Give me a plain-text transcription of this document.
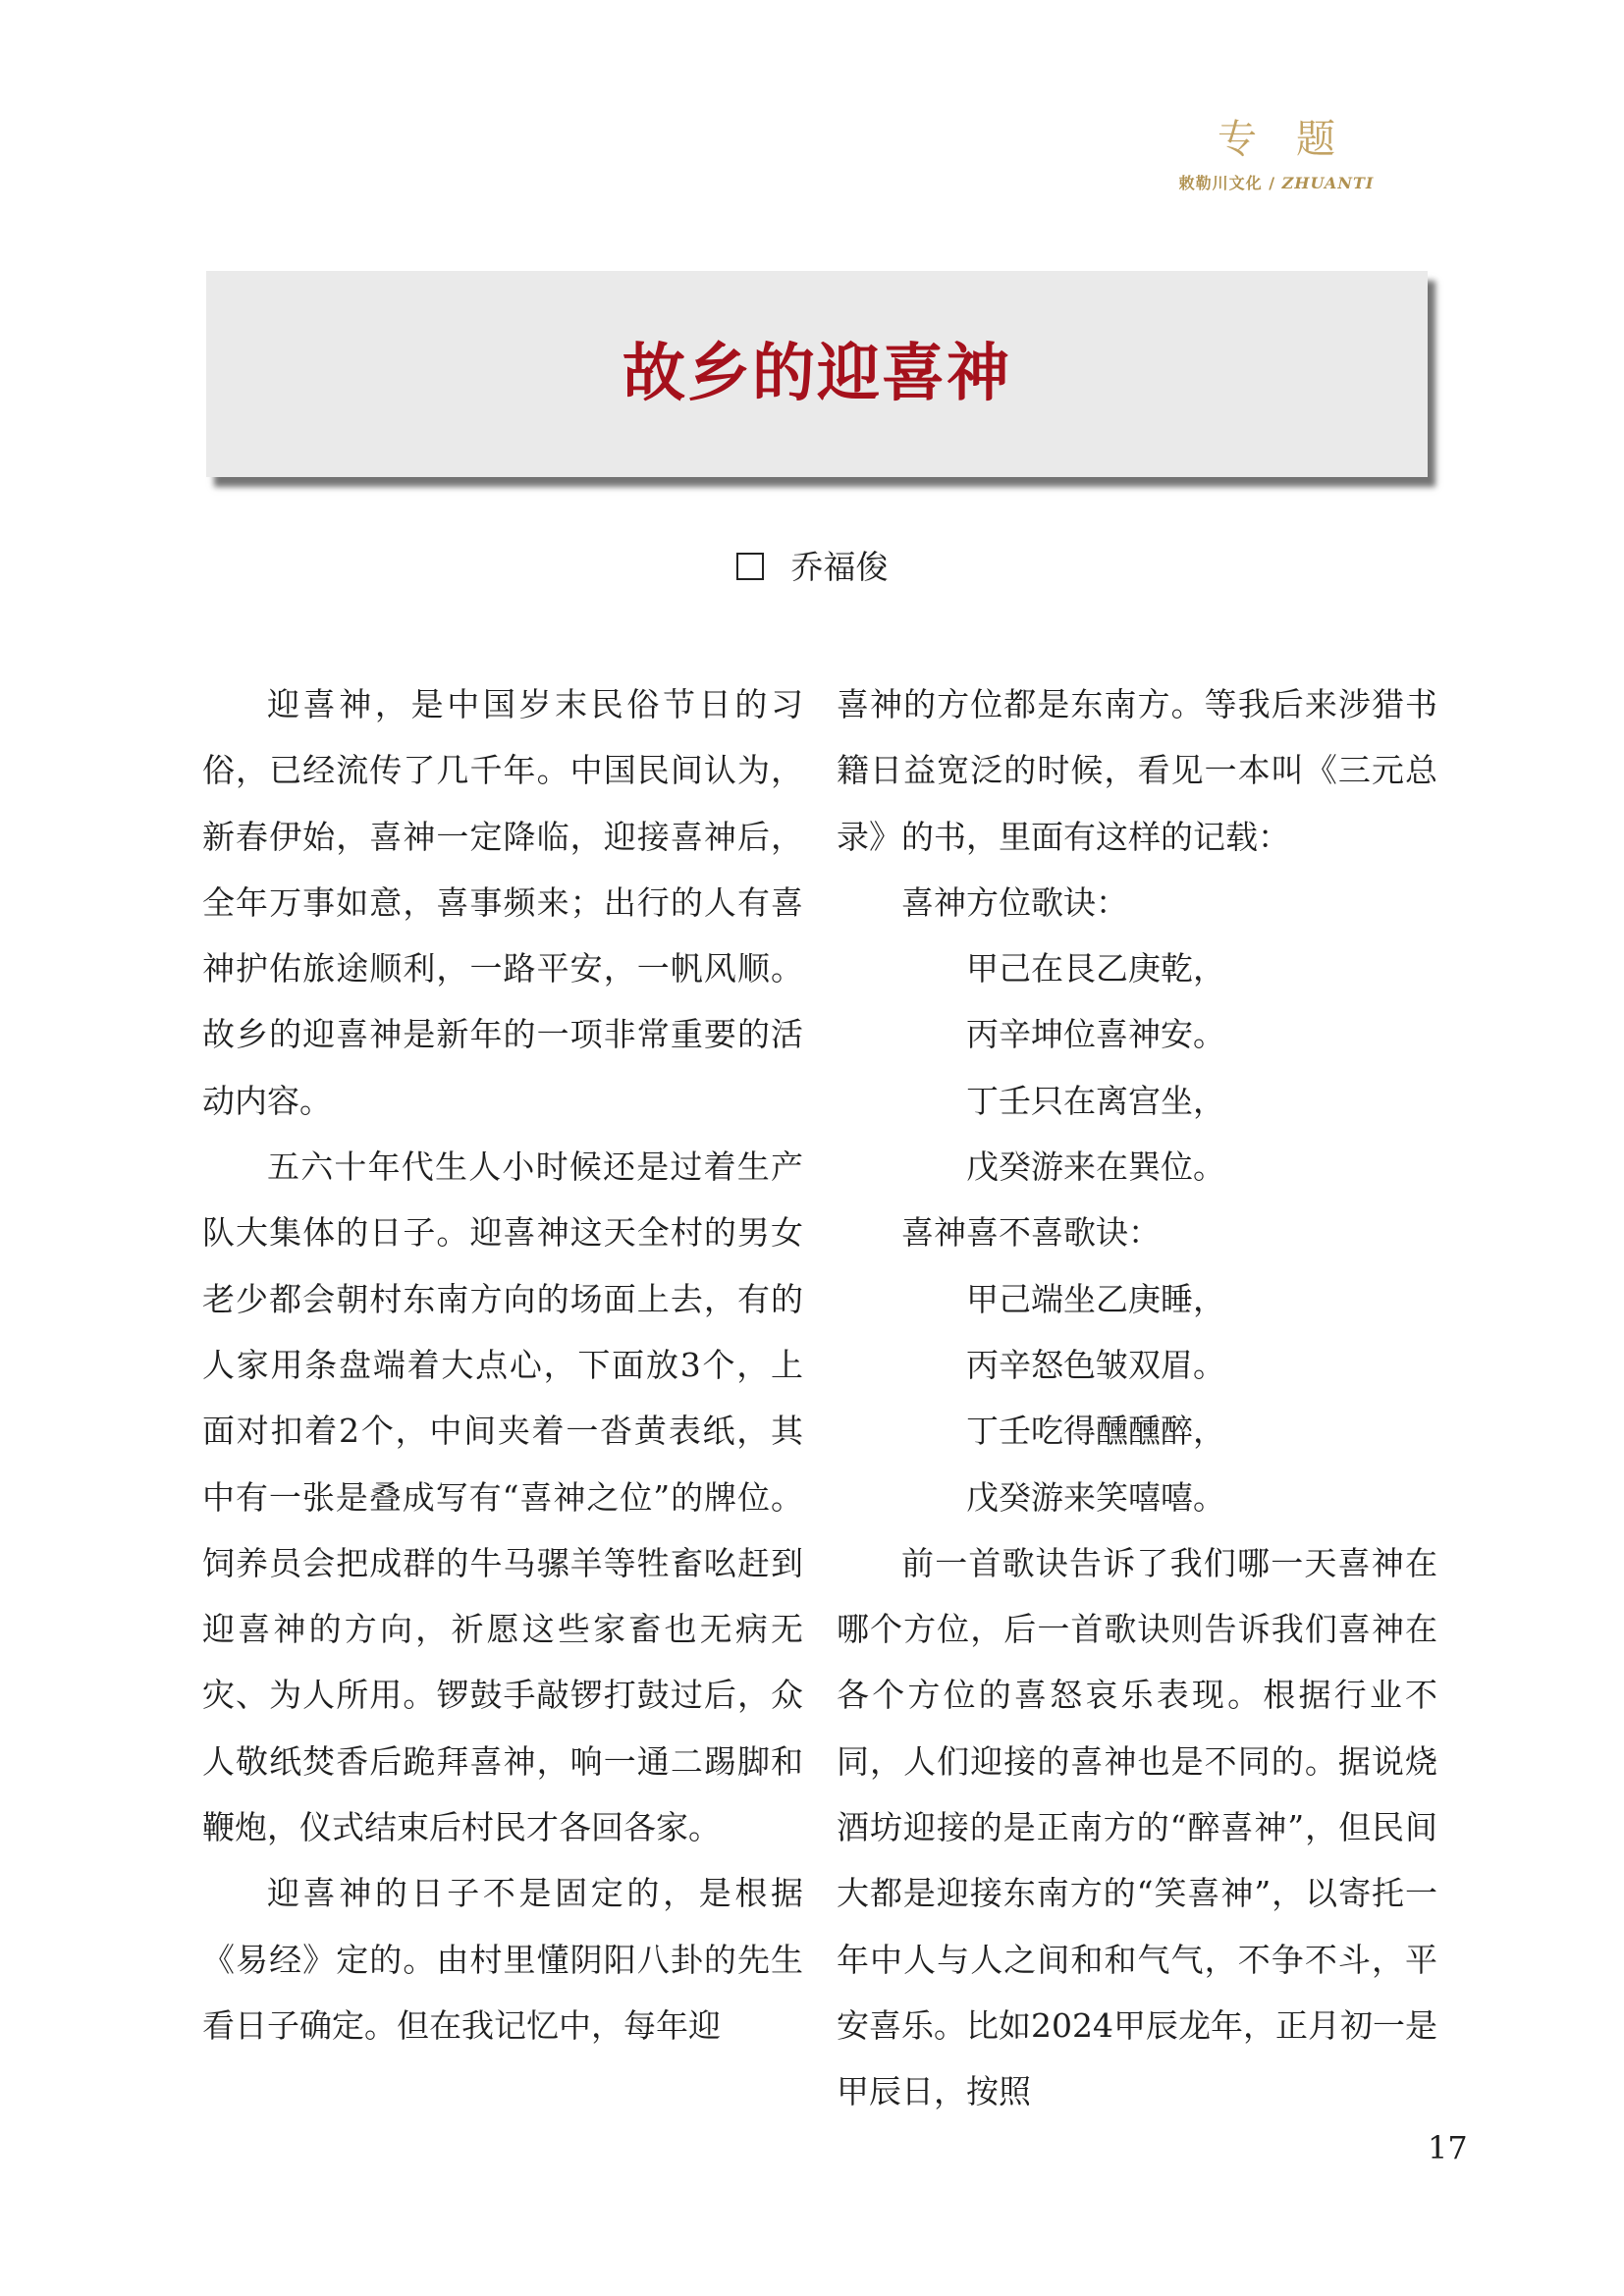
专题
敕勒川文化 / ZHUANTI
故乡的迎喜神
乔福俊

迎喜神，是中国岁末民俗节日的习俗，已经流传了几千年。中国民间认为，新春伊始，喜神一定降临，迎接喜神后，全年万事如意，喜事频来；出行的人有喜神护佑旅途顺利，一路平安，一帆风顺。故乡的迎喜神是新年的一项非常重要的活动内容。

五六十年代生人小时候还是过着生产队大集体的日子。迎喜神这天全村的男女老少都会朝村东南方向的场面上去，有的人家用条盘端着大点心，下面放3个，上面对扣着2个，中间夹着一沓黄表纸，其中有一张是叠成写有“喜神之位”的牌位。饲养员会把成群的牛马骡羊等牲畜吆赶到迎喜神的方向，祈愿这些家畜也无病无灾、为人所用。锣鼓手敲锣打鼓过后，众人敬纸焚香后跪拜喜神，响一通二踢脚和鞭炮，仪式结束后村民才各回各家。

迎喜神的日子不是固定的，是根据《易经》定的。由村里懂阴阳八卦的先生看日子确定。但在我记忆中，每年迎

喜神的方位都是东南方。等我后来涉猎书籍日益宽泛的时候，看见一本叫《三元总录》的书，里面有这样的记载：

喜神方位歌诀：

甲己在艮乙庚乾，

丙辛坤位喜神安。

丁壬只在离宫坐，

戊癸游来在巽位。

喜神喜不喜歌诀：

甲己端坐乙庚睡，

丙辛怒色皱双眉。

丁壬吃得醺醺醉，

戊癸游来笑嘻嘻。

前一首歌诀告诉了我们哪一天喜神在哪个方位，后一首歌诀则告诉我们喜神在各个方位的喜怒哀乐表现。根据行业不同，人们迎接的喜神也是不同的。据说烧酒坊迎接的是正南方的“醉喜神”，但民间大都是迎接东南方的“笑喜神”，以寄托一年中人与人之间和和气气，不争不斗，平安喜乐。比如2024甲辰龙年，正月初一是甲辰日，按照

17
